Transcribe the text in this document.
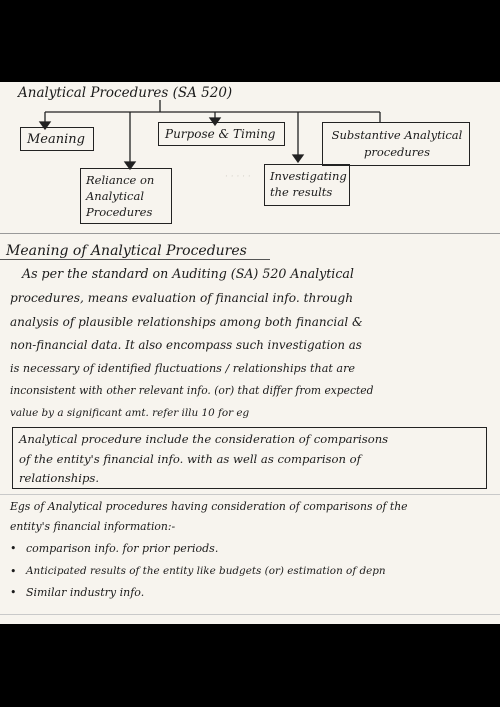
· · · · ·
Analytical Procedures (SA 520)
Meaning	Purpose & Timing	Substantive Analytical procedures
Reliance on Analytical Procedures
Investigating the results
Meaning of Analytical Procedures
As per the standard on Auditing (SA) 520 Analytical
procedures, means evaluation of financial info. through
analysis of plausible relationships among both financial &
non-financial data. It also encompass such investigation as
is necessary of identified fluctuations / relationships that are
inconsistent with other relevant info. (or) that differ from expected
value by a significant amt. refer illu 10 for eg
Analytical procedure include the consideration of comparisons
of the entity's financial info. with as well as comparison of
relationships.
Egs of Analytical procedures having consideration of comparisons of the
entity's financial information:-
• comparison info. for prior periods.
• Anticipated results of the entity like budgets (or) estimation of depn
• Similar industry info.
